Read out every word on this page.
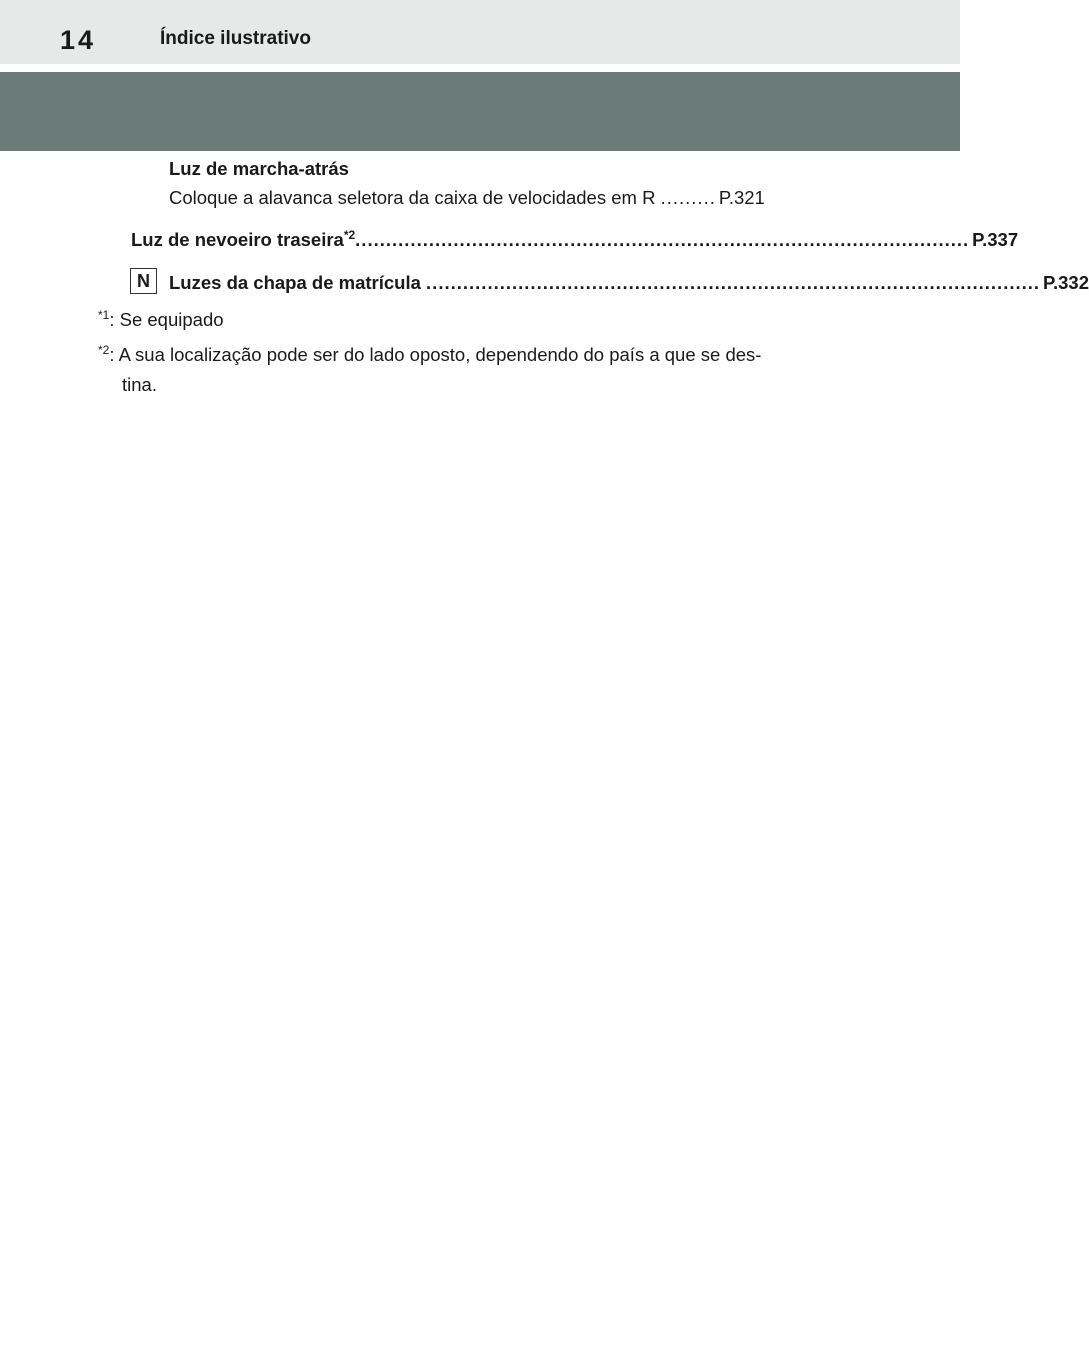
14	Índice ilustrativo
Luz de marcha-atrás
Coloque a alavanca seletora da caixa de velocidades em R
......... P.321
Luz de nevoeiro traseira$^{*2}$ .................................................................................................... P.337
N	Luzes da chapa de matrícula
.................................................................................................... P.332
$^{*1}$: Se equipado
$^{*2}$: A sua localização pode ser do lado oposto, dependendo do país a que se des-
tina.
